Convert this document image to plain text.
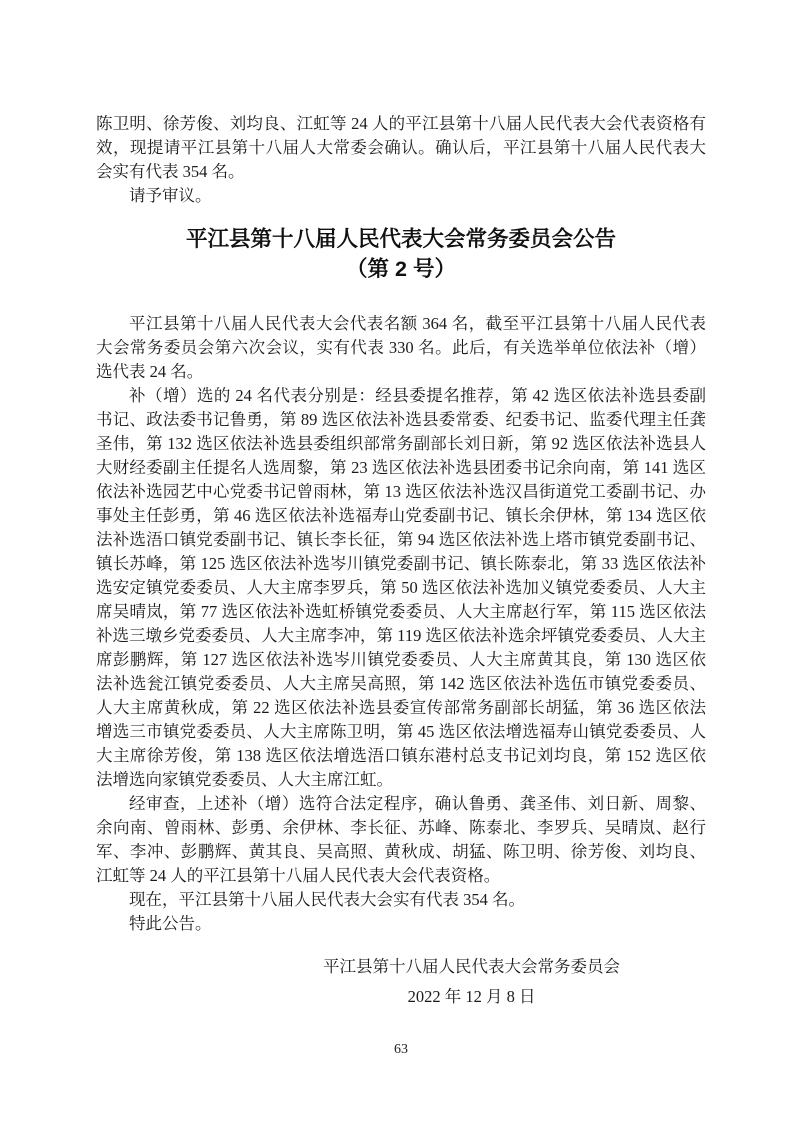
陈卫明、徐芳俊、刘均良、江虹等 24 人的平江县第十八届人民代表大会代表资格有效，现提请平江县第十八届人大常委会确认。确认后，平江县第十八届人民代表大会实有代表 354 名。

请予审议。

平江县第十八届人民代表大会常务委员会公告
（第 2 号）

平江县第十八届人民代表大会代表名额 364 名，截至平江县第十八届人民代表大会常务委员会第六次会议，实有代表 330 名。此后，有关选举单位依法补（增）选代表 24 名。

补（增）选的 24 名代表分别是：经县委提名推荐，第 42 选区依法补选县委副书记、政法委书记鲁勇，第 89 选区依法补选县委常委、纪委书记、监委代理主任龚圣伟，第 132 选区依法补选县委组织部常务副部长刘日新，第 92 选区依法补选县人大财经委副主任提名人选周黎，第 23 选区依法补选县团委书记余向南，第 141 选区依法补选园艺中心党委书记曾雨林，第 13 选区依法补选汉昌街道党工委副书记、办事处主任彭勇，第 46 选区依法补选福寿山党委副书记、镇长余伊林，第 134 选区依法补选浯口镇党委副书记、镇长李长征，第 94 选区依法补选上塔市镇党委副书记、镇长苏峰，第 125 选区依法补选岑川镇党委副书记、镇长陈泰北，第 33 选区依法补选安定镇党委委员、人大主席李罗兵，第 50 选区依法补选加义镇党委委员、人大主席吴晴岚，第 77 选区依法补选虹桥镇党委委员、人大主席赵行军，第 115 选区依法补选三墩乡党委委员、人大主席李冲，第 119 选区依法补选余坪镇党委委员、人大主席彭鹏辉，第 127 选区依法补选岑川镇党委委员、人大主席黄其良，第 130 选区依法补选瓮江镇党委委员、人大主席吴高照，第 142 选区依法补选伍市镇党委委员、人大主席黄秋成，第 22 选区依法补选县委宣传部常务副部长胡猛，第 36 选区依法增选三市镇党委委员、人大主席陈卫明，第 45 选区依法增选福寿山镇党委委员、人大主席徐芳俊，第 138 选区依法增选浯口镇东港村总支书记刘均良，第 152 选区依法增选向家镇党委委员、人大主席江虹。

经审查，上述补（增）选符合法定程序，确认鲁勇、龚圣伟、刘日新、周黎、余向南、曾雨林、彭勇、余伊林、李长征、苏峰、陈泰北、李罗兵、吴晴岚、赵行军、李冲、彭鹏辉、黄其良、吴高照、黄秋成、胡猛、陈卫明、徐芳俊、刘均良、江虹等 24 人的平江县第十八届人民代表大会代表资格。

现在，平江县第十八届人民代表大会实有代表 354 名。

特此公告。

平江县第十八届人民代表大会常务委员会
2022 年 12 月 8 日
63
